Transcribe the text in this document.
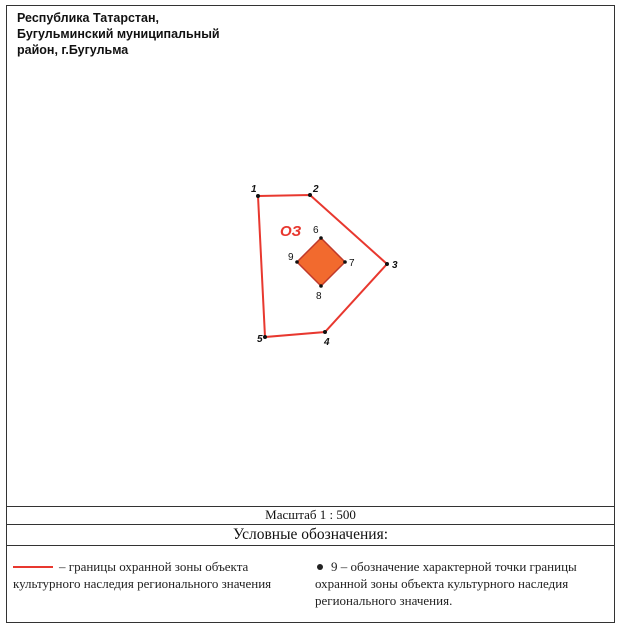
Республика Татарстан,
Бугульминский муниципальный
район, г.Бугульма
ОЗ
1	2
3
4
5
6
7
8
9
Масштаб 1 : 500
Условные обозначения:
– границы охранной зоны объекта культурного наследия регионального значения
9 – обозначение характерной точки границы охранной зоны объекта культурного наследия регионального значения.
